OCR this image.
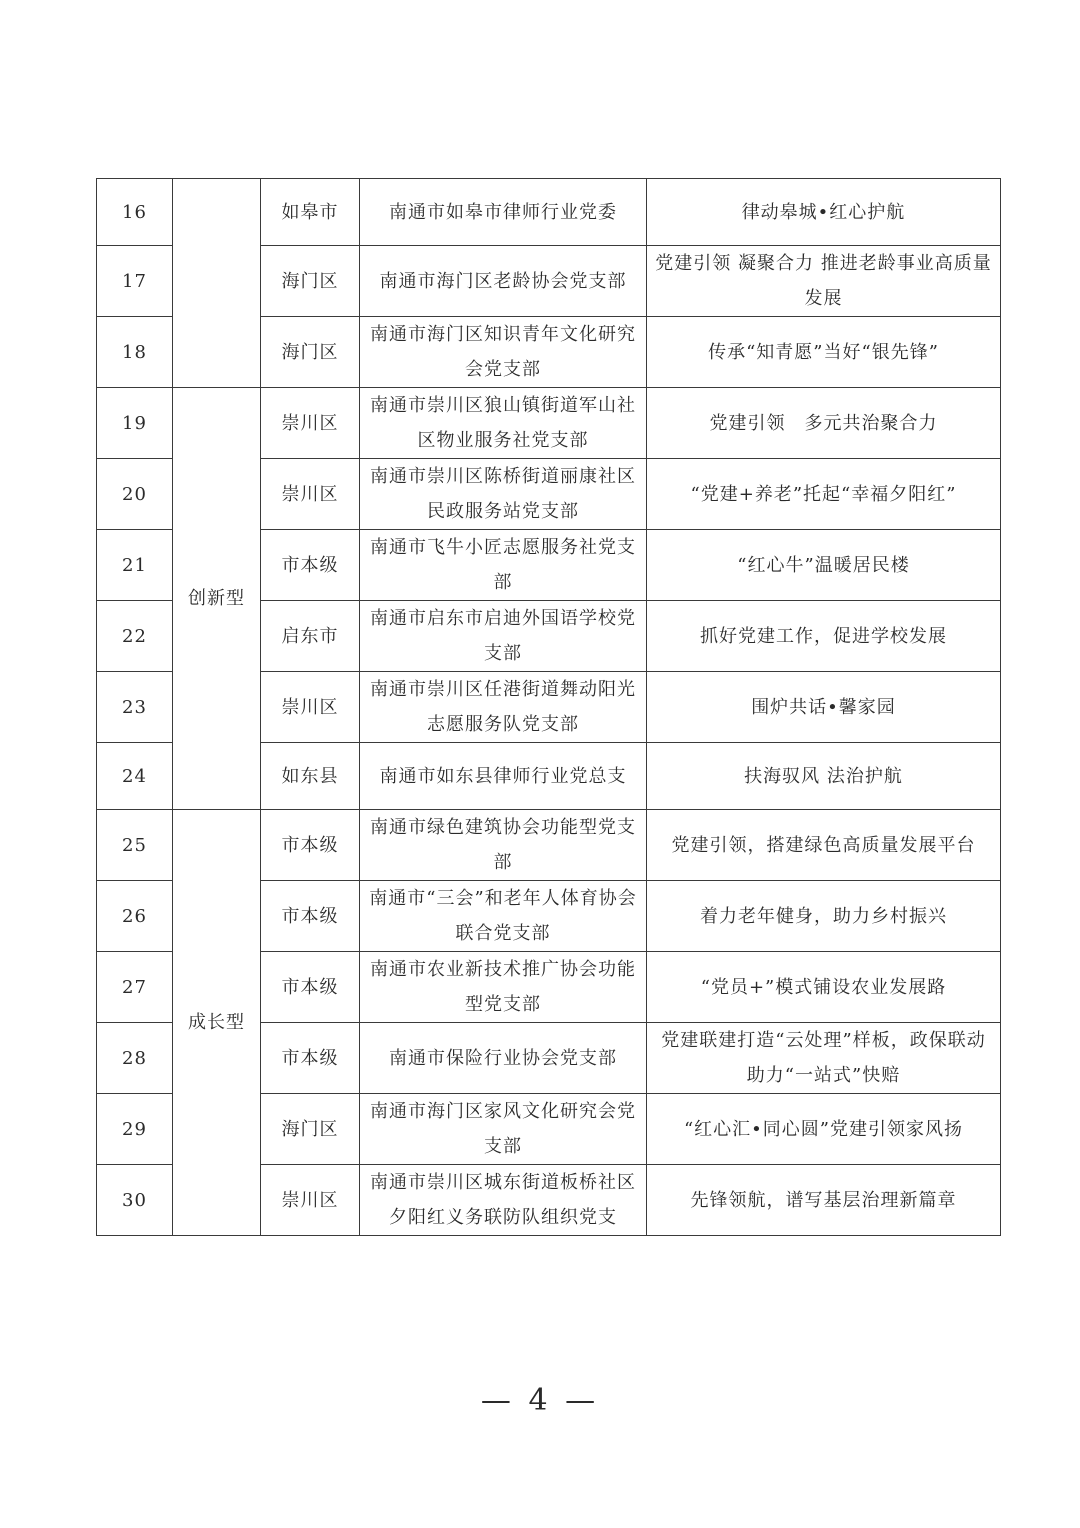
16		如皋市	南通市如皋市律师行业党委	律动皋城•红心护航
17		海门区	南通市海门区老龄协会党支部	党建引领 凝聚合力 推进老龄事业高质量发展
18		海门区	南通市海门区知识青年文化研究会党支部	传承“知青愿”当好“银先锋”
19	创新型	崇川区	南通市崇川区狼山镇街道军山社区物业服务社党支部	党建引领　多元共治聚合力
20		崇川区	南通市崇川区陈桥街道丽康社区民政服务站党支部	“党建+养老”托起“幸福夕阳红”
21		市本级	南通市飞牛小匠志愿服务社党支部	“红心牛”温暖居民楼
22		启东市	南通市启东市启迪外国语学校党支部	抓好党建工作，促进学校发展
23		崇川区	南通市崇川区任港街道舞动阳光志愿服务队党支部	围炉共话•馨家园
24		如东县	南通市如东县律师行业党总支	扶海驭风 法治护航
25	成长型	市本级	南通市绿色建筑协会功能型党支部	党建引领，搭建绿色高质量发展平台
26		市本级	南通市“三会”和老年人体育协会联合党支部	着力老年健身，助力乡村振兴
27		市本级	南通市农业新技术推广协会功能型党支部	“党员+”模式铺设农业发展路
28		市本级	南通市保险行业协会党支部	党建联建打造“云处理”样板，政保联动助力“一站式”快赔
29		海门区	南通市海门区家风文化研究会党支部	“红心汇•同心圆”党建引领家风扬
30		崇川区	南通市崇川区城东街道板桥社区夕阳红义务联防队组织党支	先锋领航，谱写基层治理新篇章
— 4 —
